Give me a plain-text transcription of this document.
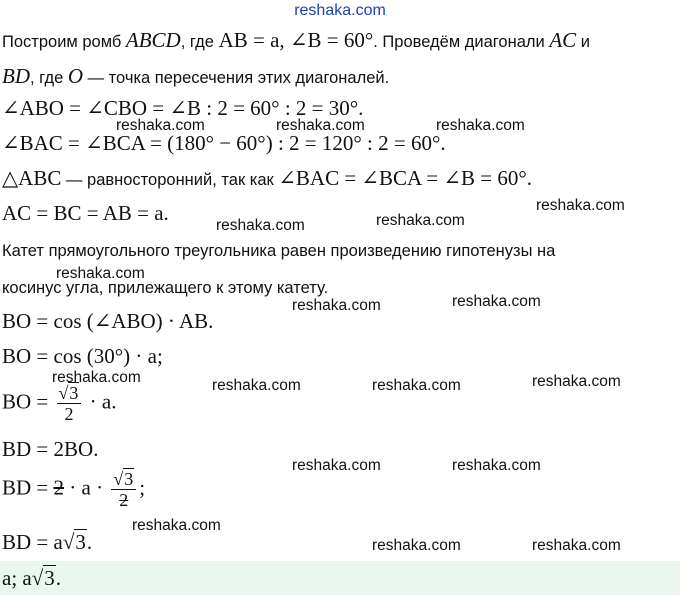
reshaka.com
Построим ромб ABCD, где AB = a, ∠B = 60°. Проведём диагонали AC и
BD, где O — точка пересечения этих диагоналей.
∠ABO = ∠CBO = ∠B : 2 = 60° : 2 = 30°.
∠BAC = ∠BCA = (180° − 60°) : 2 = 120° : 2 = 60°.
△ABC — равносторонний, так как ∠BAC = ∠BCA = ∠B = 60°.
AC = BC = AB = a.
Катет прямоугольного треугольника равен произведению гипотенузы на
косинус угла, прилежащего к этому катету.
BO = cos (∠ABO) · AB.
BO = cos (30°) · a;
BO = $\frac{√3}{2} \cdot a$.
BD = 2BO.
BD = $2 \cdot a \cdot \frac{√3}{2}$ ;
BD = a√3.
a; a√3.
reshaka.com	reshaka.com	reshaka.com
reshaka.com
reshaka.com	reshaka.com
reshaka.com
reshaka.com	reshaka.com
reshaka.com	reshaka.com	reshaka.com	reshaka.com
reshaka.com	reshaka.com
reshaka.com
reshaka.com	reshaka.com
